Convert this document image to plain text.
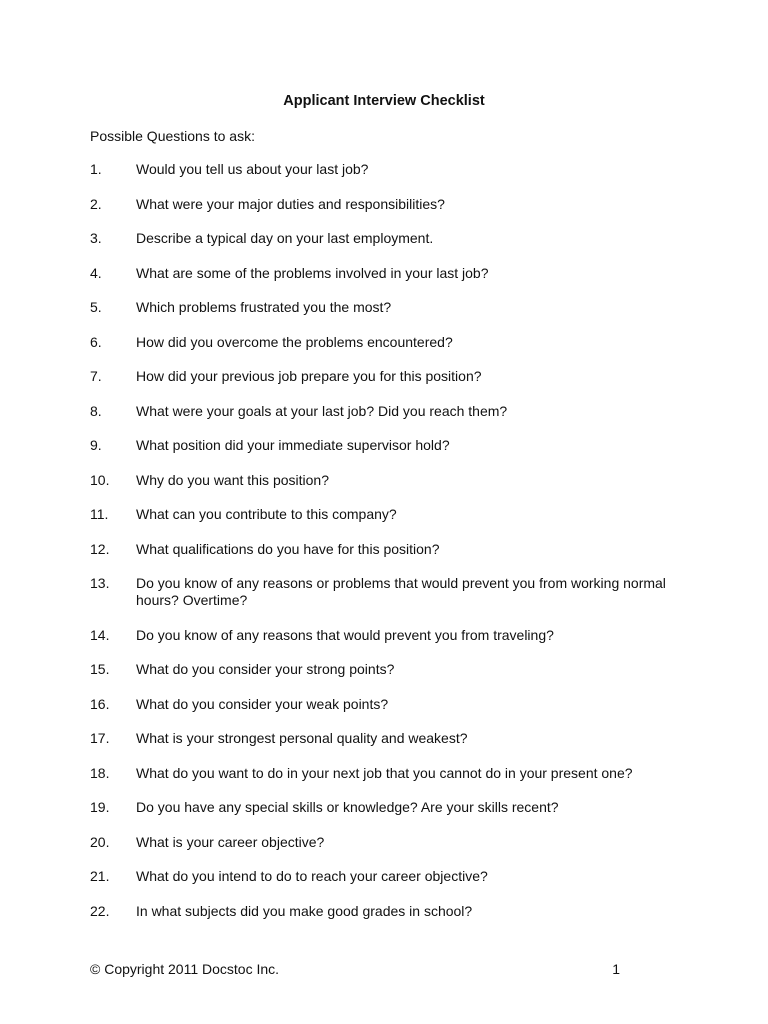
Applicant Interview Checklist
Possible Questions to ask:
1.	Would you tell us about your last job?
2.	What were your major duties and responsibilities?
3.	Describe a typical day on your last employment.
4.	What are some of the problems involved in your last job?
5.	Which problems frustrated you the most?
6.	How did you overcome the problems encountered?
7.	How did your previous job prepare you for this position?
8.	What were your goals at your last job? Did you reach them?
9.	What position did your immediate supervisor hold?
10.	Why do you want this position?
11.	What can you contribute to this company?
12.	What qualifications do you have for this position?
13.	Do you know of any reasons or problems that would prevent you from working normal hours? Overtime?
14.	Do you know of any reasons that would prevent you from traveling?
15.	What do you consider your strong points?
16.	What do you consider your weak points?
17.	What is your strongest personal quality and weakest?
18.	What do you want to do in your next job that you cannot do in your present one?
19.	Do you have any special skills or knowledge? Are your skills recent?
20.	What is your career objective?
21.	What do you intend to do to reach your career objective?
22.	In what subjects did you make good grades in school?
© Copyright 2011 Docstoc Inc.	1
